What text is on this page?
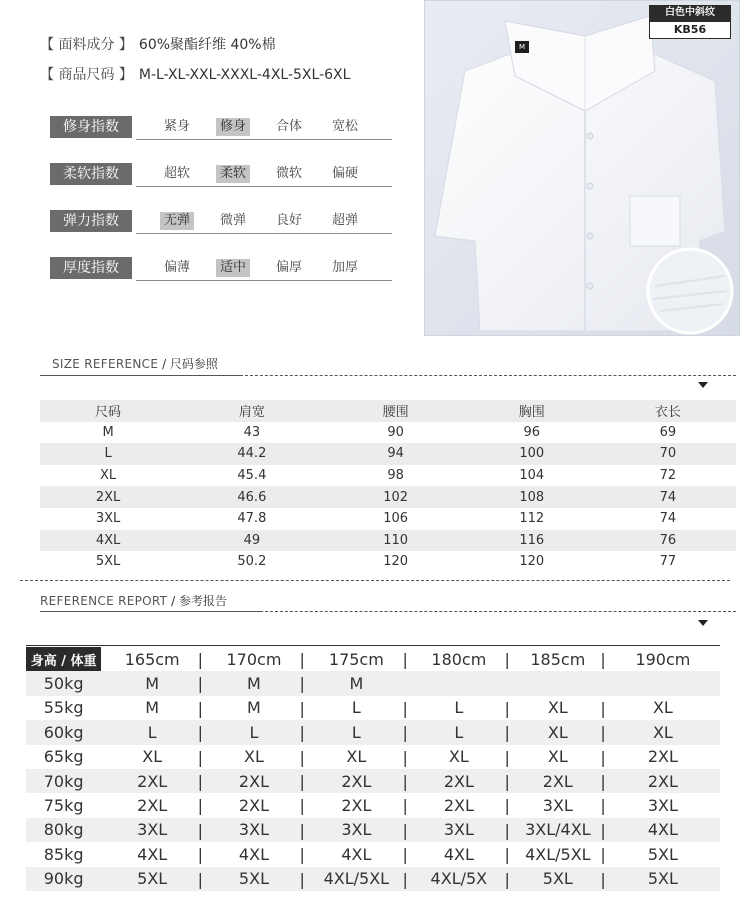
【 面料成分 】 60%聚酯纤维 40%棉
【 商品尺码 】 M-L-XL-XXL-XXXL-4XL-5XL-6XL
修身指数	紧身	修身	合体	宽松
柔软指数	超软	柔软	微软	偏硬
弹力指数	无弹	微弹	良好	超弹
厚度指数	偏薄	适中	偏厚	加厚
白色中斜纹
KB56
M
SIZE REFERENCE / 尺码参照
尺码	肩宽	腰围	胸围	衣长
M	43	90	96	69
L	44.2	94	100	70
XL	45.4	98	104	72
2XL	46.6	102	108	74
3XL	47.8	106	112	74
4XL	49	110	116	76
5XL	50.2	120	120	77
REFERENCE REPORT / 参考报告
身高 / 体重	165cm |	170cm |	175cm |	180cm |	185cm |	190cm
50kg	M |	M |	M			
55kg	M |	M |	L |	L |	XL |	XL
60kg	L |	L |	L |	L |	XL |	XL
65kg	XL |	XL |	XL |	XL |	XL |	2XL
70kg	2XL |	2XL |	2XL |	2XL |	2XL |	2XL
75kg	2XL |	2XL |	2XL |	2XL |	3XL |	3XL
80kg	3XL |	3XL |	3XL |	3XL |	3XL/4XL |	4XL
85kg	4XL |	4XL |	4XL |	4XL |	4XL/5XL |	5XL
90kg	5XL |	5XL |	4XL/5XL |	4XL/5X |	5XL |	5XL
